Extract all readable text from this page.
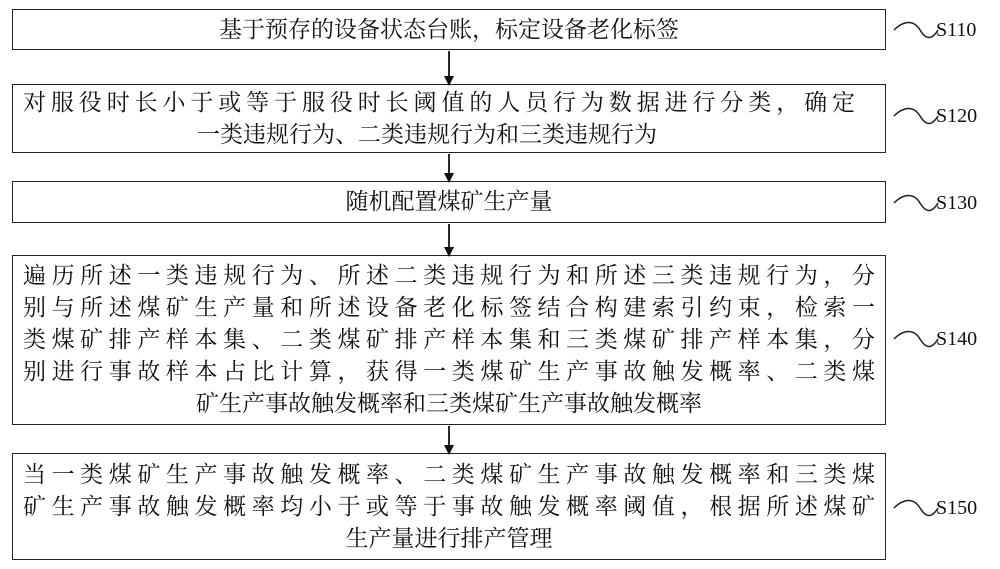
基于预存的设备状态台账，标定设备老化标签
对服役时长小于或等于服役时长阈值的人员行为数据进行分类，确定
一类违规行为、二类违规行为和三类违规行为
随机配置煤矿生产量
遍历所述一类违规行为、所述二类违规行为和所述三类违规行为，分
别与所述煤矿生产量和所述设备老化标签结合构建索引约束，检索一
类煤矿排产样本集、二类煤矿排产样本集和三类煤矿排产样本集，分
别进行事故样本占比计算，获得一类煤矿生产事故触发概率、二类煤
矿生产事故触发概率和三类煤矿生产事故触发概率
当一类煤矿生产事故触发概率、二类煤矿生产事故触发概率和三类煤
矿生产事故触发概率均小于或等于事故触发概率阈值，根据所述煤矿
生产量进行排产管理
S110
S120
S130
S140
S150
